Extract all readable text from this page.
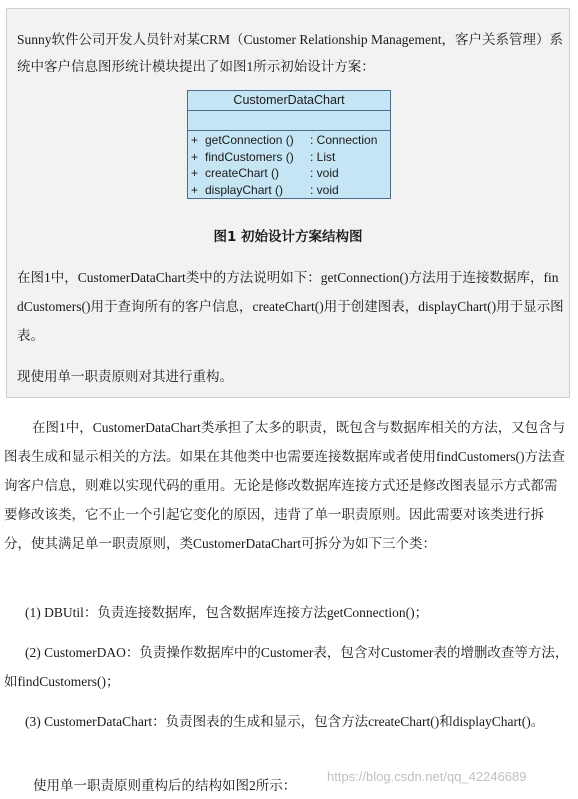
Sunny软件公司开发人员针对某CRM（Customer Relationship Management，客户关系管理）系统中客户信息图形统计模块提出了如图1所示初始设计方案：
CustomerDataChart
+ getConnection () : Connection
+ findCustomers () : List
+ createChart ()	: void
+ displayChart () : void
图1 初始设计方案结构图
在图1中，CustomerDataChart类中的方法说明如下：getConnection()方法用于连接数据库，findCustomers()用于查询所有的客户信息，createChart()用于创建图表，displayChart()用于显示图表。
现使用单一职责原则对其进行重构。
在图1中，CustomerDataChart类承担了太多的职责，既包含与数据库相关的方法，又包含与图表生成和显示相关的方法。如果在其他类中也需要连接数据库或者使用findCustomers()方法查询客户信息，则难以实现代码的重用。无论是修改数据库连接方式还是修改图表显示方式都需要修改该类，它不止一个引起它变化的原因，违背了单一职责原则。因此需要对该类进行拆分，使其满足单一职责原则，类CustomerDataChart可拆分为如下三个类：
(1) DBUtil：负责连接数据库，包含数据库连接方法getConnection()；
(2) CustomerDAO：负责操作数据库中的Customer表，包含对Customer表的增删改查等方法，如findCustomers()；
(3) CustomerDataChart：负责图表的生成和显示，包含方法createChart()和displayChart()。
使用单一职责原则重构后的结构如图2所示：
https://blog.csdn.net/qq_42246689
